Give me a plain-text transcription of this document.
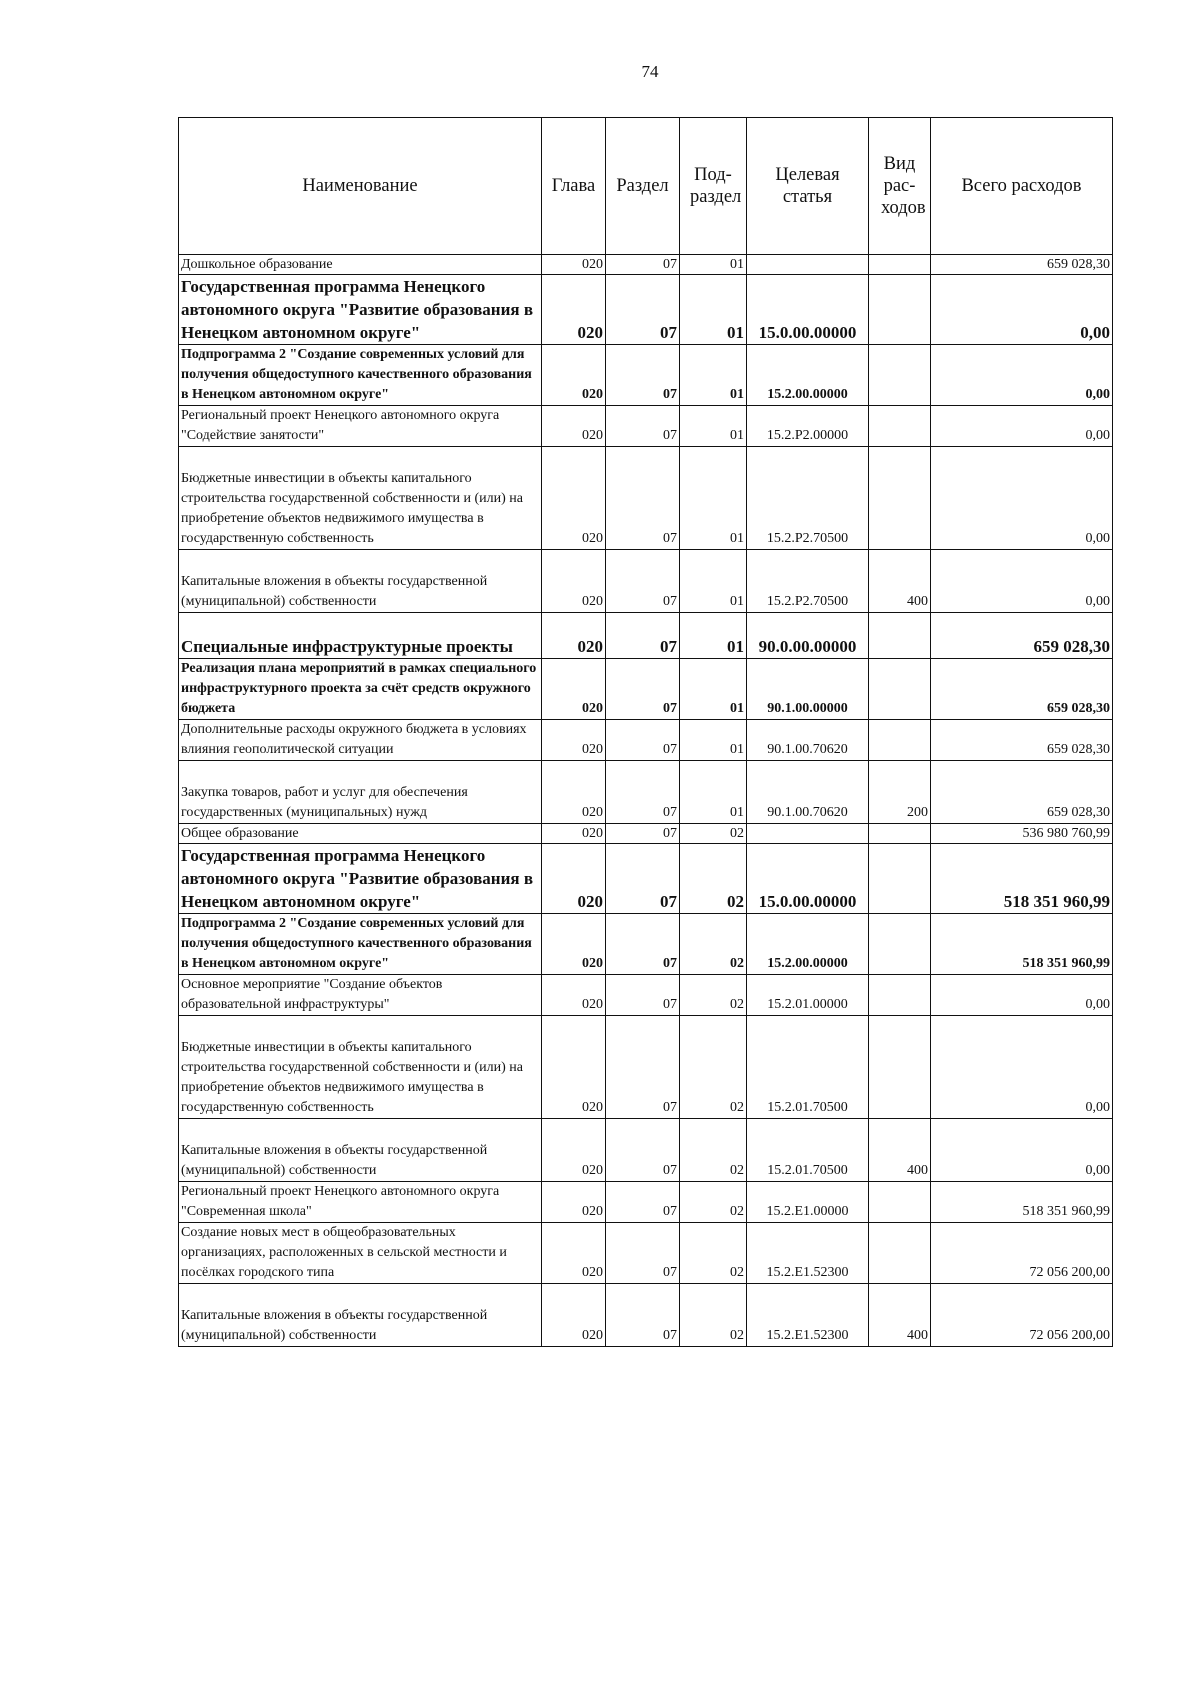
74
Наименование	Глава	Раздел	Под-раздел	Целевая статья	Вид рас-ходов	Всего расходов
Дошкольное образование	020	07	01			659 028,30
Государственная программа Ненецкого автономного округа "Развитие образования в Ненецком автономном округе"	020	07	01	15.0.00.00000		0,00
Подпрограмма 2 "Создание современных условий для получения общедоступного качественного образования в Ненецком автономном округе"	020	07	01	15.2.00.00000		0,00
Региональный проект Ненецкого автономного округа "Содействие занятости"	020	07	01	15.2.P2.00000		0,00
Бюджетные инвестиции в объекты капитального строительства государственной собственности и (или) на приобретение объектов недвижимого имущества в государственную собственность	020	07	01	15.2.P2.70500		0,00
Капитальные вложения в объекты государственной (муниципальной) собственности	020	07	01	15.2.P2.70500	400	0,00
Специальные инфраструктурные проекты	020	07	01	90.0.00.00000		659 028,30
Реализация плана мероприятий в рамках специального инфраструктурного проекта за счёт средств окружного бюджета	020	07	01	90.1.00.00000		659 028,30
Дополнительные расходы окружного бюджета в условиях влияния геополитической ситуации	020	07	01	90.1.00.70620		659 028,30
Закупка товаров, работ и услуг для обеспечения государственных (муниципальных) нужд	020	07	01	90.1.00.70620	200	659 028,30
Общее образование	020	07	02			536 980 760,99
Государственная программа Ненецкого автономного округа "Развитие образования в Ненецком автономном округе"	020	07	02	15.0.00.00000		518 351 960,99
Подпрограмма 2 "Создание современных условий для получения общедоступного качественного образования в Ненецком автономном округе"	020	07	02	15.2.00.00000		518 351 960,99
Основное мероприятие "Создание объектов образовательной инфраструктуры"	020	07	02	15.2.01.00000		0,00
Бюджетные инвестиции в объекты капитального строительства государственной собственности и (или) на приобретение объектов недвижимого имущества в государственную собственность	020	07	02	15.2.01.70500		0,00
Капитальные вложения в объекты государственной (муниципальной) собственности	020	07	02	15.2.01.70500	400	0,00
Региональный проект Ненецкого автономного округа "Современная школа"	020	07	02	15.2.E1.00000		518 351 960,99
Создание новых мест в общеобразовательных организациях, расположенных в сельской местности и посёлках городского типа	020	07	02	15.2.E1.52300		72 056 200,00
Капитальные вложения в объекты государственной (муниципальной) собственности	020	07	02	15.2.E1.52300	400	72 056 200,00
